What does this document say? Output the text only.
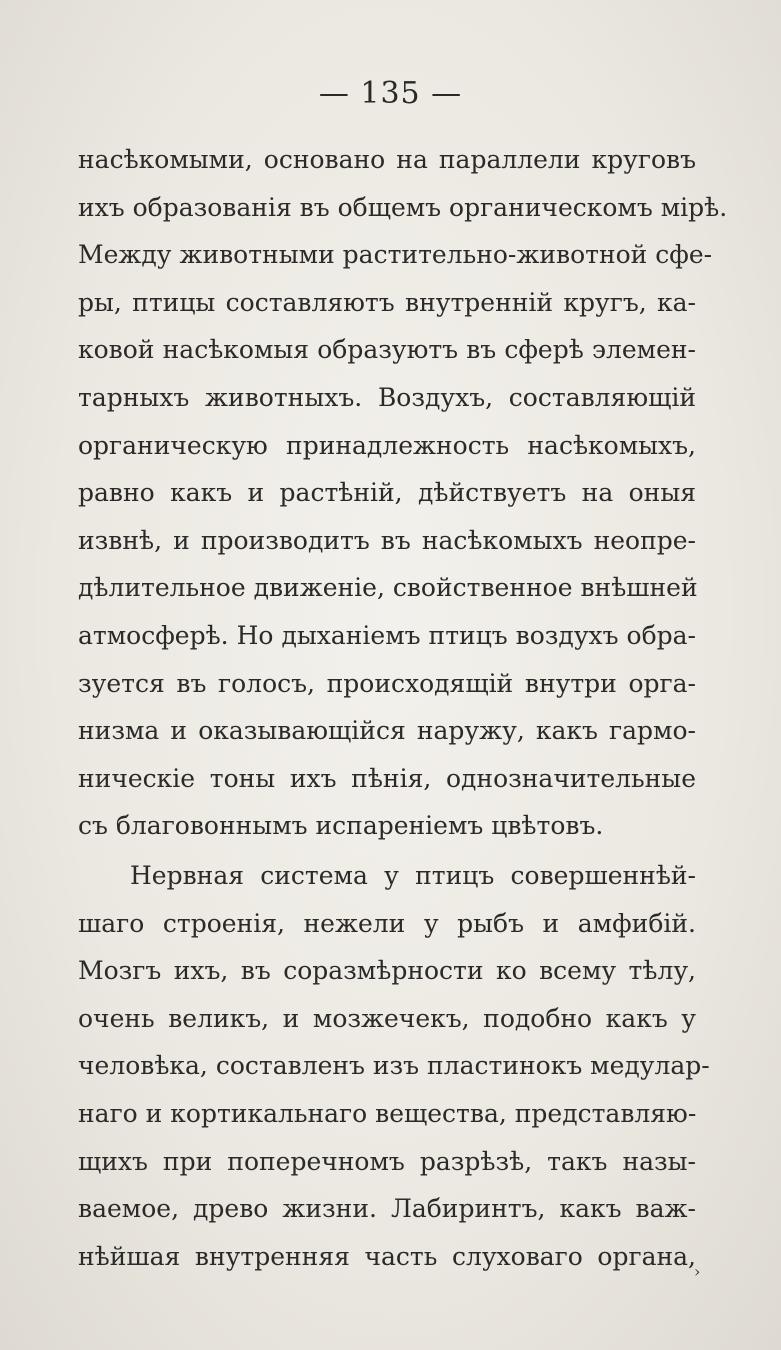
— 135 —
насѣкомыми, основано на параллели круговъ
ихъ образованія въ общемъ органическомъ мірѣ.
Между животными растительно-животной сфе-
ры, птицы составляютъ внутренній кругъ, ка-
ковой насѣкомыя образуютъ въ сферѣ элемен-
тарныхъ животныхъ. Воздухъ, составляющій
органическую принадлежность насѣкомыхъ,
равно какъ и растѣній, дѣйствуетъ на оныя
извнѣ, и производитъ въ насѣкомыхъ неопре-
дѣлительное движеніе, свойственное внѣшней
атмосферѣ. Но дыханіемъ птицъ воздухъ обра-
зуется въ голосъ, происходящій внутри орга-
низма и оказывающійся наружу, какъ гармо-
ническіе тоны ихъ пѣнія, однозначительные
съ благовоннымъ испареніемъ цвѣтовъ.
Нервная система у птицъ совершеннѣй-
шаго строенія, нежели у рыбъ и амфибій.
Мозгъ ихъ, въ соразмѣрности ко всему тѣлу,
очень великъ, и мозжечекъ, подобно какъ у
человѣка, составленъ изъ пластинокъ медулар-
наго и кортикальнаго вещества, представляю-
щихъ при поперечномъ разрѣзѣ, такъ назы-
ваемое, древо жизни. Лабиринтъ, какъ важ-
нѣйшая внутренняя часть слуховаго органа,
›
